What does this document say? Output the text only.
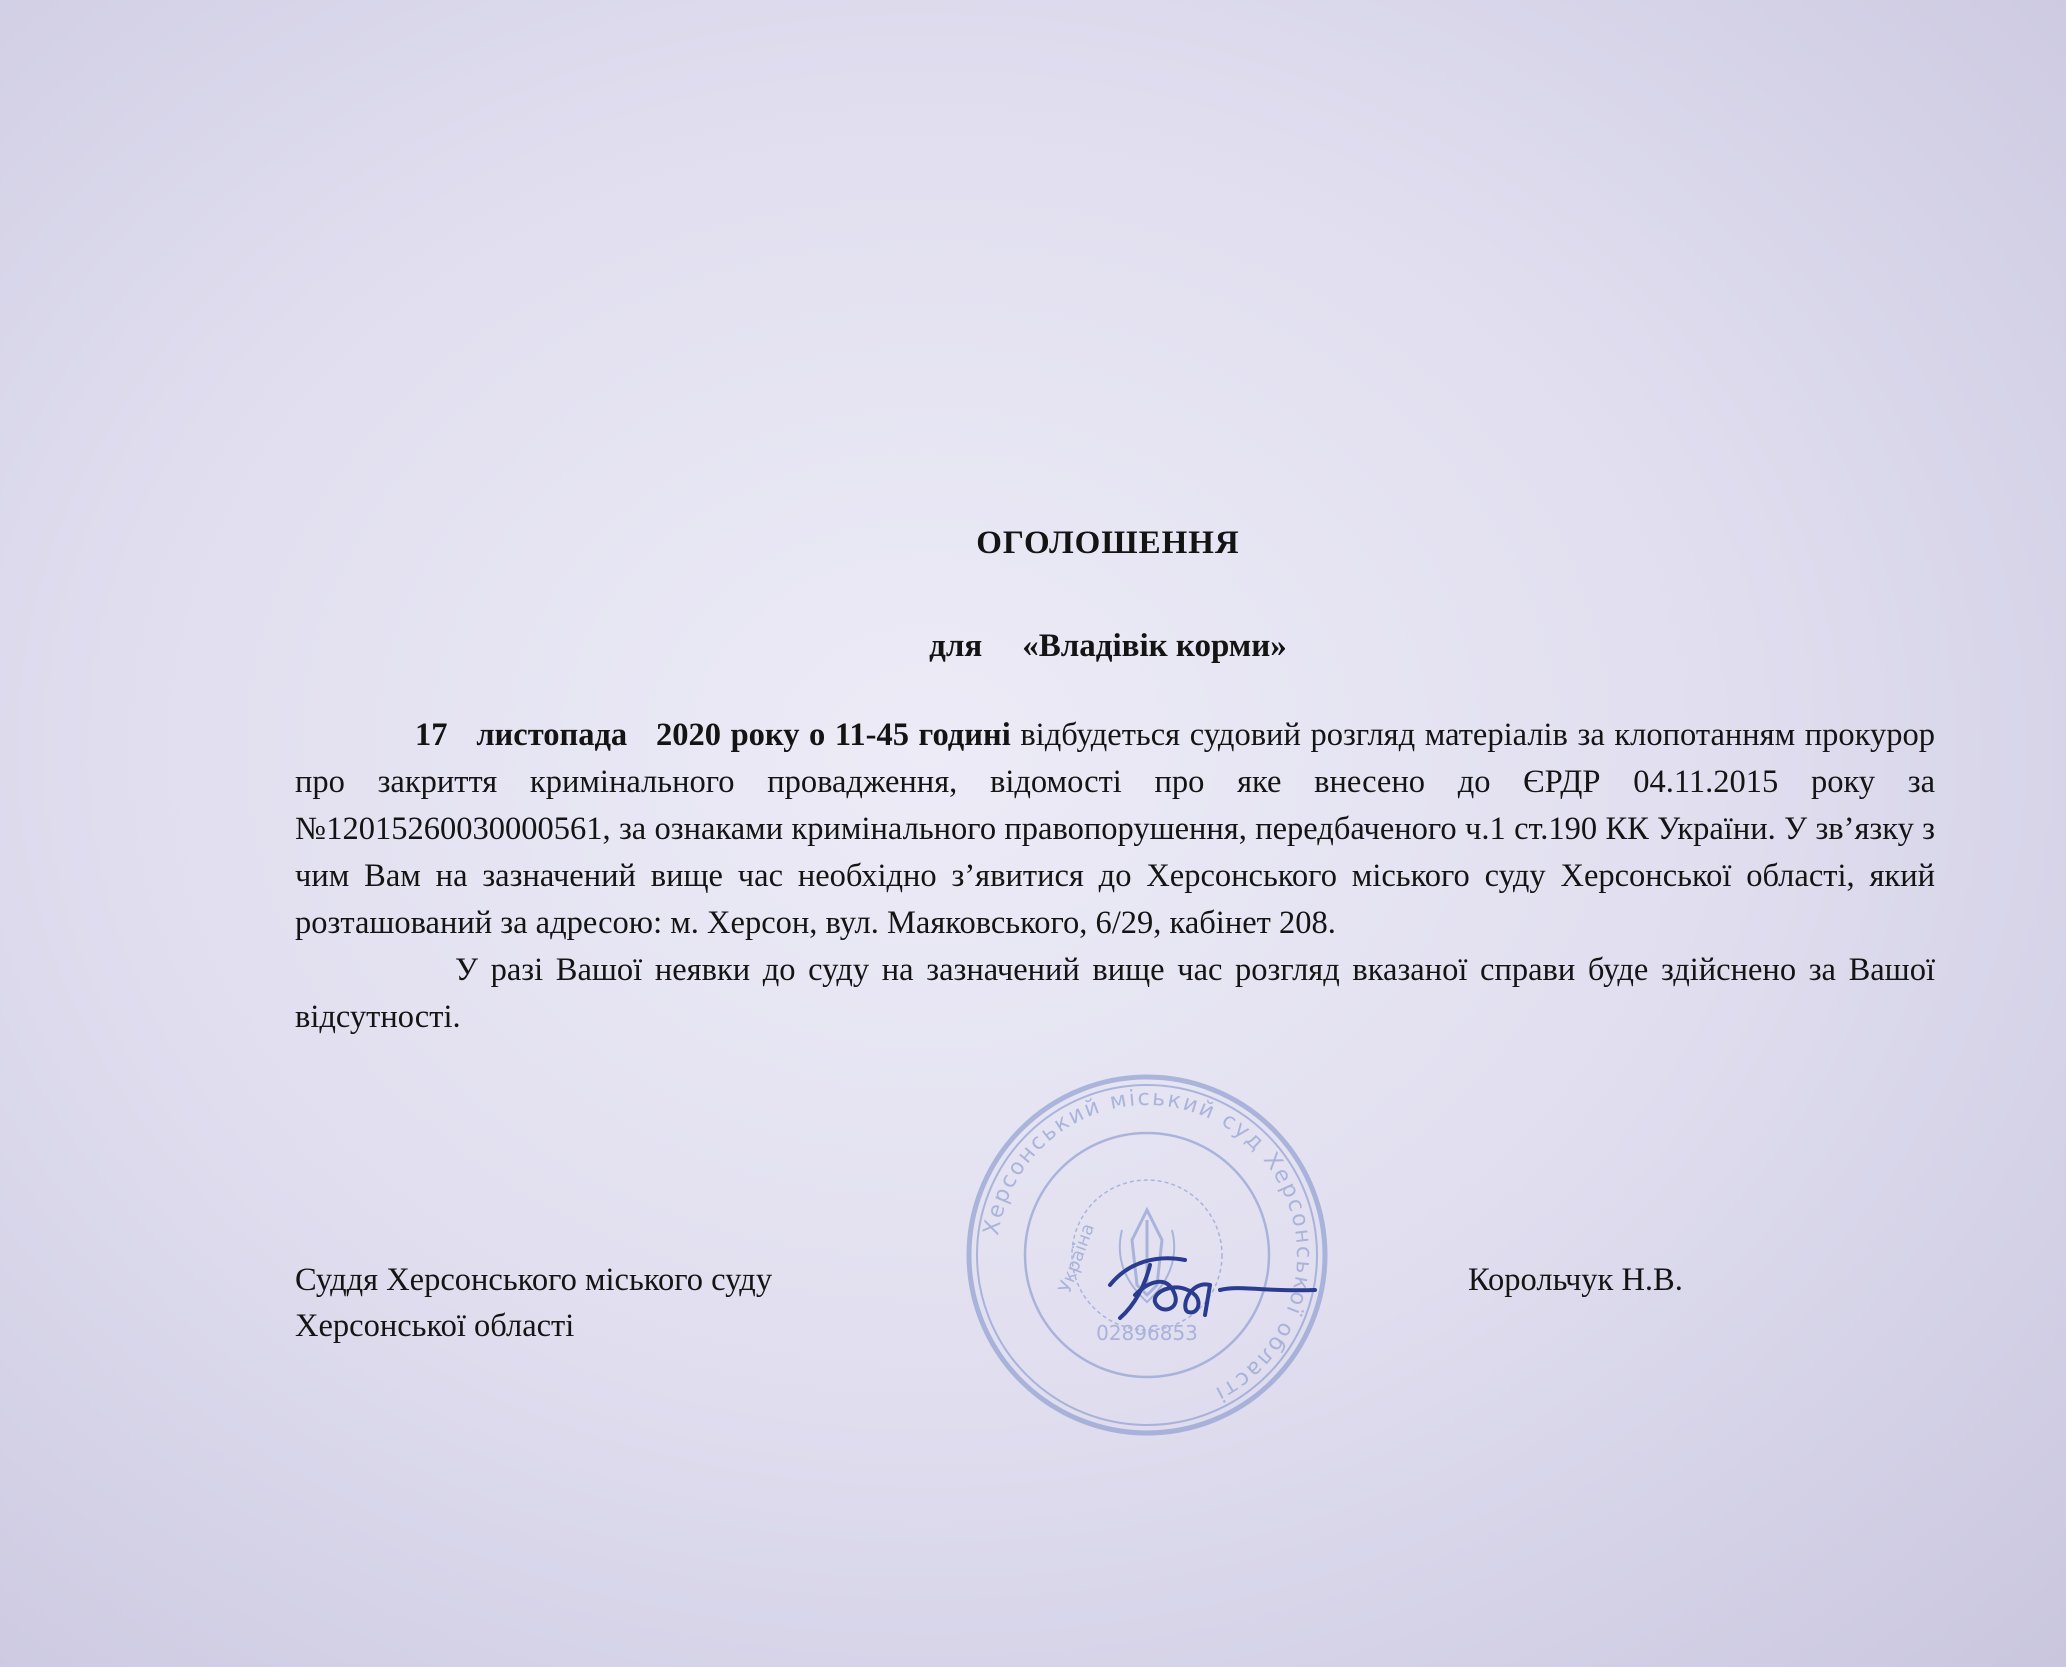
ОГОЛОШЕННЯ
для «Владівік корми»

17 листопада 2020 року о 11-45 годині відбудеться судовий розгляд матеріалів за клопотанням прокурор про закриття кримінального провадження, відомості про яке внесено до ЄРДР 04.11.2015 року за №12015260030000561, за ознаками кримінального правопорушення, передбаченого ч.1 ст.190 КК України. У зв’язку з чим Вам на зазначений вище час необхідно з’явитися до Херсонського міського суду Херсонської області, який розташований за адресою: м. Херсон, вул. Маяковського, 6/29, кабінет 208.

У разі Вашої неявки до суду на зазначений вище час розгляд вказаної справи буде здійснено за Вашої відсутності.

Херсонський міський суд Херсонської області
02896853
Україна
Суддя Херсонського міського суду
Херсонської області
Корольчук Н.В.
